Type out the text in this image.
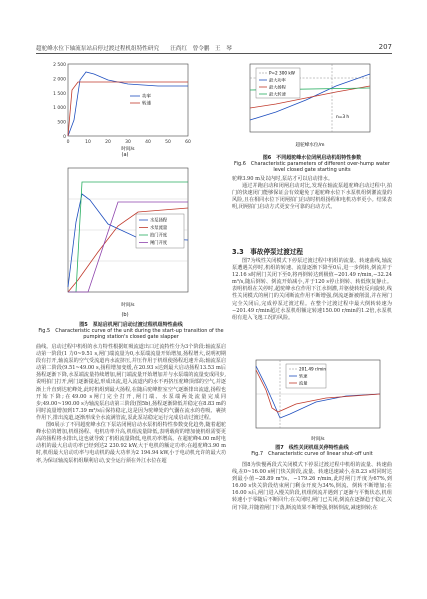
超驼峰水位下轴流泵站启停过渡过程机组特性研究　　汪尚红　曾令鹏　王　琴	207
2 500
2 000
1 500
1 000
500
0
0	10	20	30	40	50	60
时间/s
功率
转速
(a)
水泵扬程
水泵流量
拍门开度
闸门开度
时间/s
(b)
图5　泵站启机闸门启动过渡过程机组特性曲线
Fig.5　Characteristic curve of the unit during the start-up transition of the pumping station's closed gate slapper

曲线。启动过程中机组的水力特性根据虹吸流道出口过流特性分为3个阶段:轴流泵启动第一阶段(1 力0~9.51 s,闸门端流量为0,水泵端流量开始增加,扬程增大,说明初期段有打开,轴流泵的空气受流道内水流挤压,并压作用于机组使扬程迅速升高;轴流泵启动第二阶段(9.51~49.00 s,扬程增加变缓,在20.93 s达到最大启动扬程13.53 m后扬程逐渐下降,水泵端流量持续增加,闸门端流量开始增加并与水泵端的流量变成同步,说明拍门打开,闸门逐渐提起,形成出流,进入流道内的水不再挤压驼峰顶部的空气,并逐渐上升直到达驼峰处,此时机组到最大扬程,在随后驼峰腔室空气逐渐排出流道,扬程也开始下降;在49.00 s闸门完全打开,闸门端、水泵端两处流量完成同步;49.00~190.00 s为轴流泵启动第三阶段(图5b),扬程逐渐降低并稳定在8.83 m的同时流量增加到17.39 m³/s后保持稳定,这是因为驼峰处的气囊在流水的卷吸、裹挟作用下,排出流道,逐渐形成全水流满管流,泵此泵站稳定运行完成启动过渡过程。

图6展示了不同超驼峰水位下泵站闭闸启动水泵机组特性参数变化趋势,随着超驼峰水位的增加,机组扬程、电机功率升高,机组流量降低,表明载荷的增加使机组需要更高的扬程将水排出,这也就导致了机组流量降低,电机功率增高。在超驼峰4.00 m时电动机的最大启动功率已经到达2 230.92 kW,大于电机的额定功率;在超驼峰3.90 m时,机组最大启动功率与电动机的最大功率为2 194.94 kW,小于电动机允许的最大功率,为保证轴流泵机组顺利启动,安全运行须在外江水位在超

P=2 300 kW
最大功率
最大扬程
最大转速
n=3 h
超驼峰水位/m
图6　不同超驼峰水位闭闸启动机组特性参数
Fig.6　Characteristic parameters of different over-hump water level closed gate starting units

驼峰3.90 m及以内时,泵站才可以启动排水。

通过并跑启动和闭闸启动对比,发现在轴流泵超驼峰启动过程中,拍门的快速闭门能够保证会有效避免了超驼峰水位下水泵机组倒灌流量的风险,且在相同水位下闭闸拍门启动时机组扬程和电机功率更小。结果表明,闭闸拍门启动方式更安全可靠的启动方式。

3.3　事故停泵过渡过程

图7为线性关闭模式下停泵过渡过程中机组的流量、转速曲线,轴流泵遭遇关停时,机组的转速、流量逐渐下降至0后,进一步倒转,倒流并于12.16 s时闸门关闭下至0,将再倒转达到极值−201.49 r/min,−32.24 m³/s,随后倒转、倒流开始减小,并于120 s停止倒转、转低恢复静止。表明机组在关停时,超驼峰水位作用下江水倒灌,并驱使转轮反向旋转,线性关闭模式的闸门的关闭断流作用不断增强,倒流逐渐被削弱,并在闸门完全关闭后,完成停泵过渡过程。在整个过渡过程中最大倒转转速为−201.49 r/min超过水泵机组额定转速150.00 r/min的1.2倍,水泵机组有进入飞逸工况的风险。

201.49 r/min
转速
流量
时间/s
图7　线性关闭机组关停特性曲线
Fig.7　Characteristic curve of linear shut-off unit

图8为快慢两段式关闭模式下停泵过渡过程中机组的流量、转速曲线,在0~16.00 s闸门快关阶段,流量、转速迅速减小,在8.23 s时同时达到最小值−28.89 m³/s、−179.26 r/min,此时闸门开度为67%,到16.00 s快关阶段结束闸门剩余开度为34%,倒流、倒转不断增加;在16.00 s后,闸门进入慢关阶段,机组倒流并遇到了逐渐与平衡状态,机组转速小于零随后不断回升;在关闭时,闸门已关闭,倒流在逐渐趋于稳定,关闭下降,并随着闸门下落,断流效果不断增强,倒转倒流,减速倒转;在
